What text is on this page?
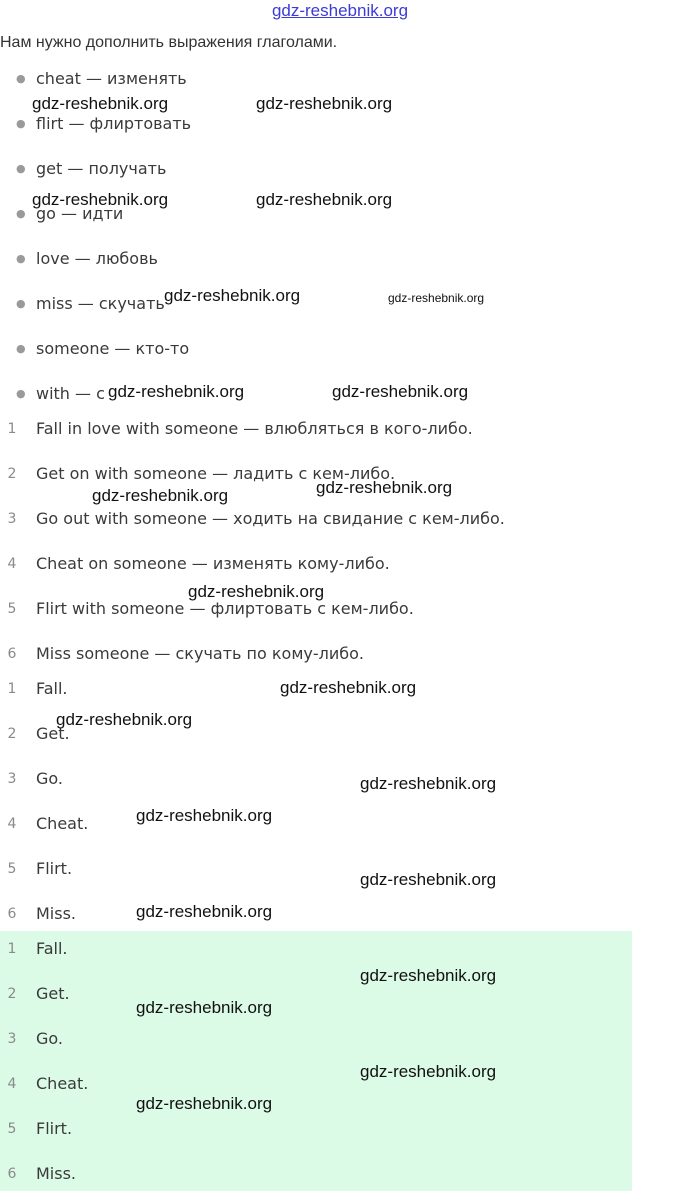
gdz-reshebnik.org
Нам нужно дополнить выражения глаголами.
● cheat — изменять
● flirt — флиртовать
● get — получать
● go — идти
● love — любовь
● miss — скучать
● someone — кто-то
● with — с
1	Fall in love with someone — влюбляться в кого-либо.
2	Get on with someone — ладить с кем-либо.
3	Go out with someone — ходить на свидание с кем-либо.
4	Cheat on someone — изменять кому-либо.
5	Flirt with someone — флиртовать с кем-либо.
6	Miss someone — скучать по кому-либо.
1	Fall.
2	Get.
3	Go.
4	Cheat.
5	Flirt.
6	Miss.
1	Fall.
2	Get.
3	Go.
4	Cheat.
5	Flirt.
6	Miss.
gdz-reshebnik.org	gdz-reshebnik.org
gdz-reshebnik.org	gdz-reshebnik.org
gdz-reshebnik.org	gdz-reshebnik.org
gdz-reshebnik.org	gdz-reshebnik.org
gdz-reshebnik.org	gdz-reshebnik.org
gdz-reshebnik.org
gdz-reshebnik.org
gdz-reshebnik.org
gdz-reshebnik.org
gdz-reshebnik.org
gdz-reshebnik.org
gdz-reshebnik.org
gdz-reshebnik.org
gdz-reshebnik.org
gdz-reshebnik.org
gdz-reshebnik.org
